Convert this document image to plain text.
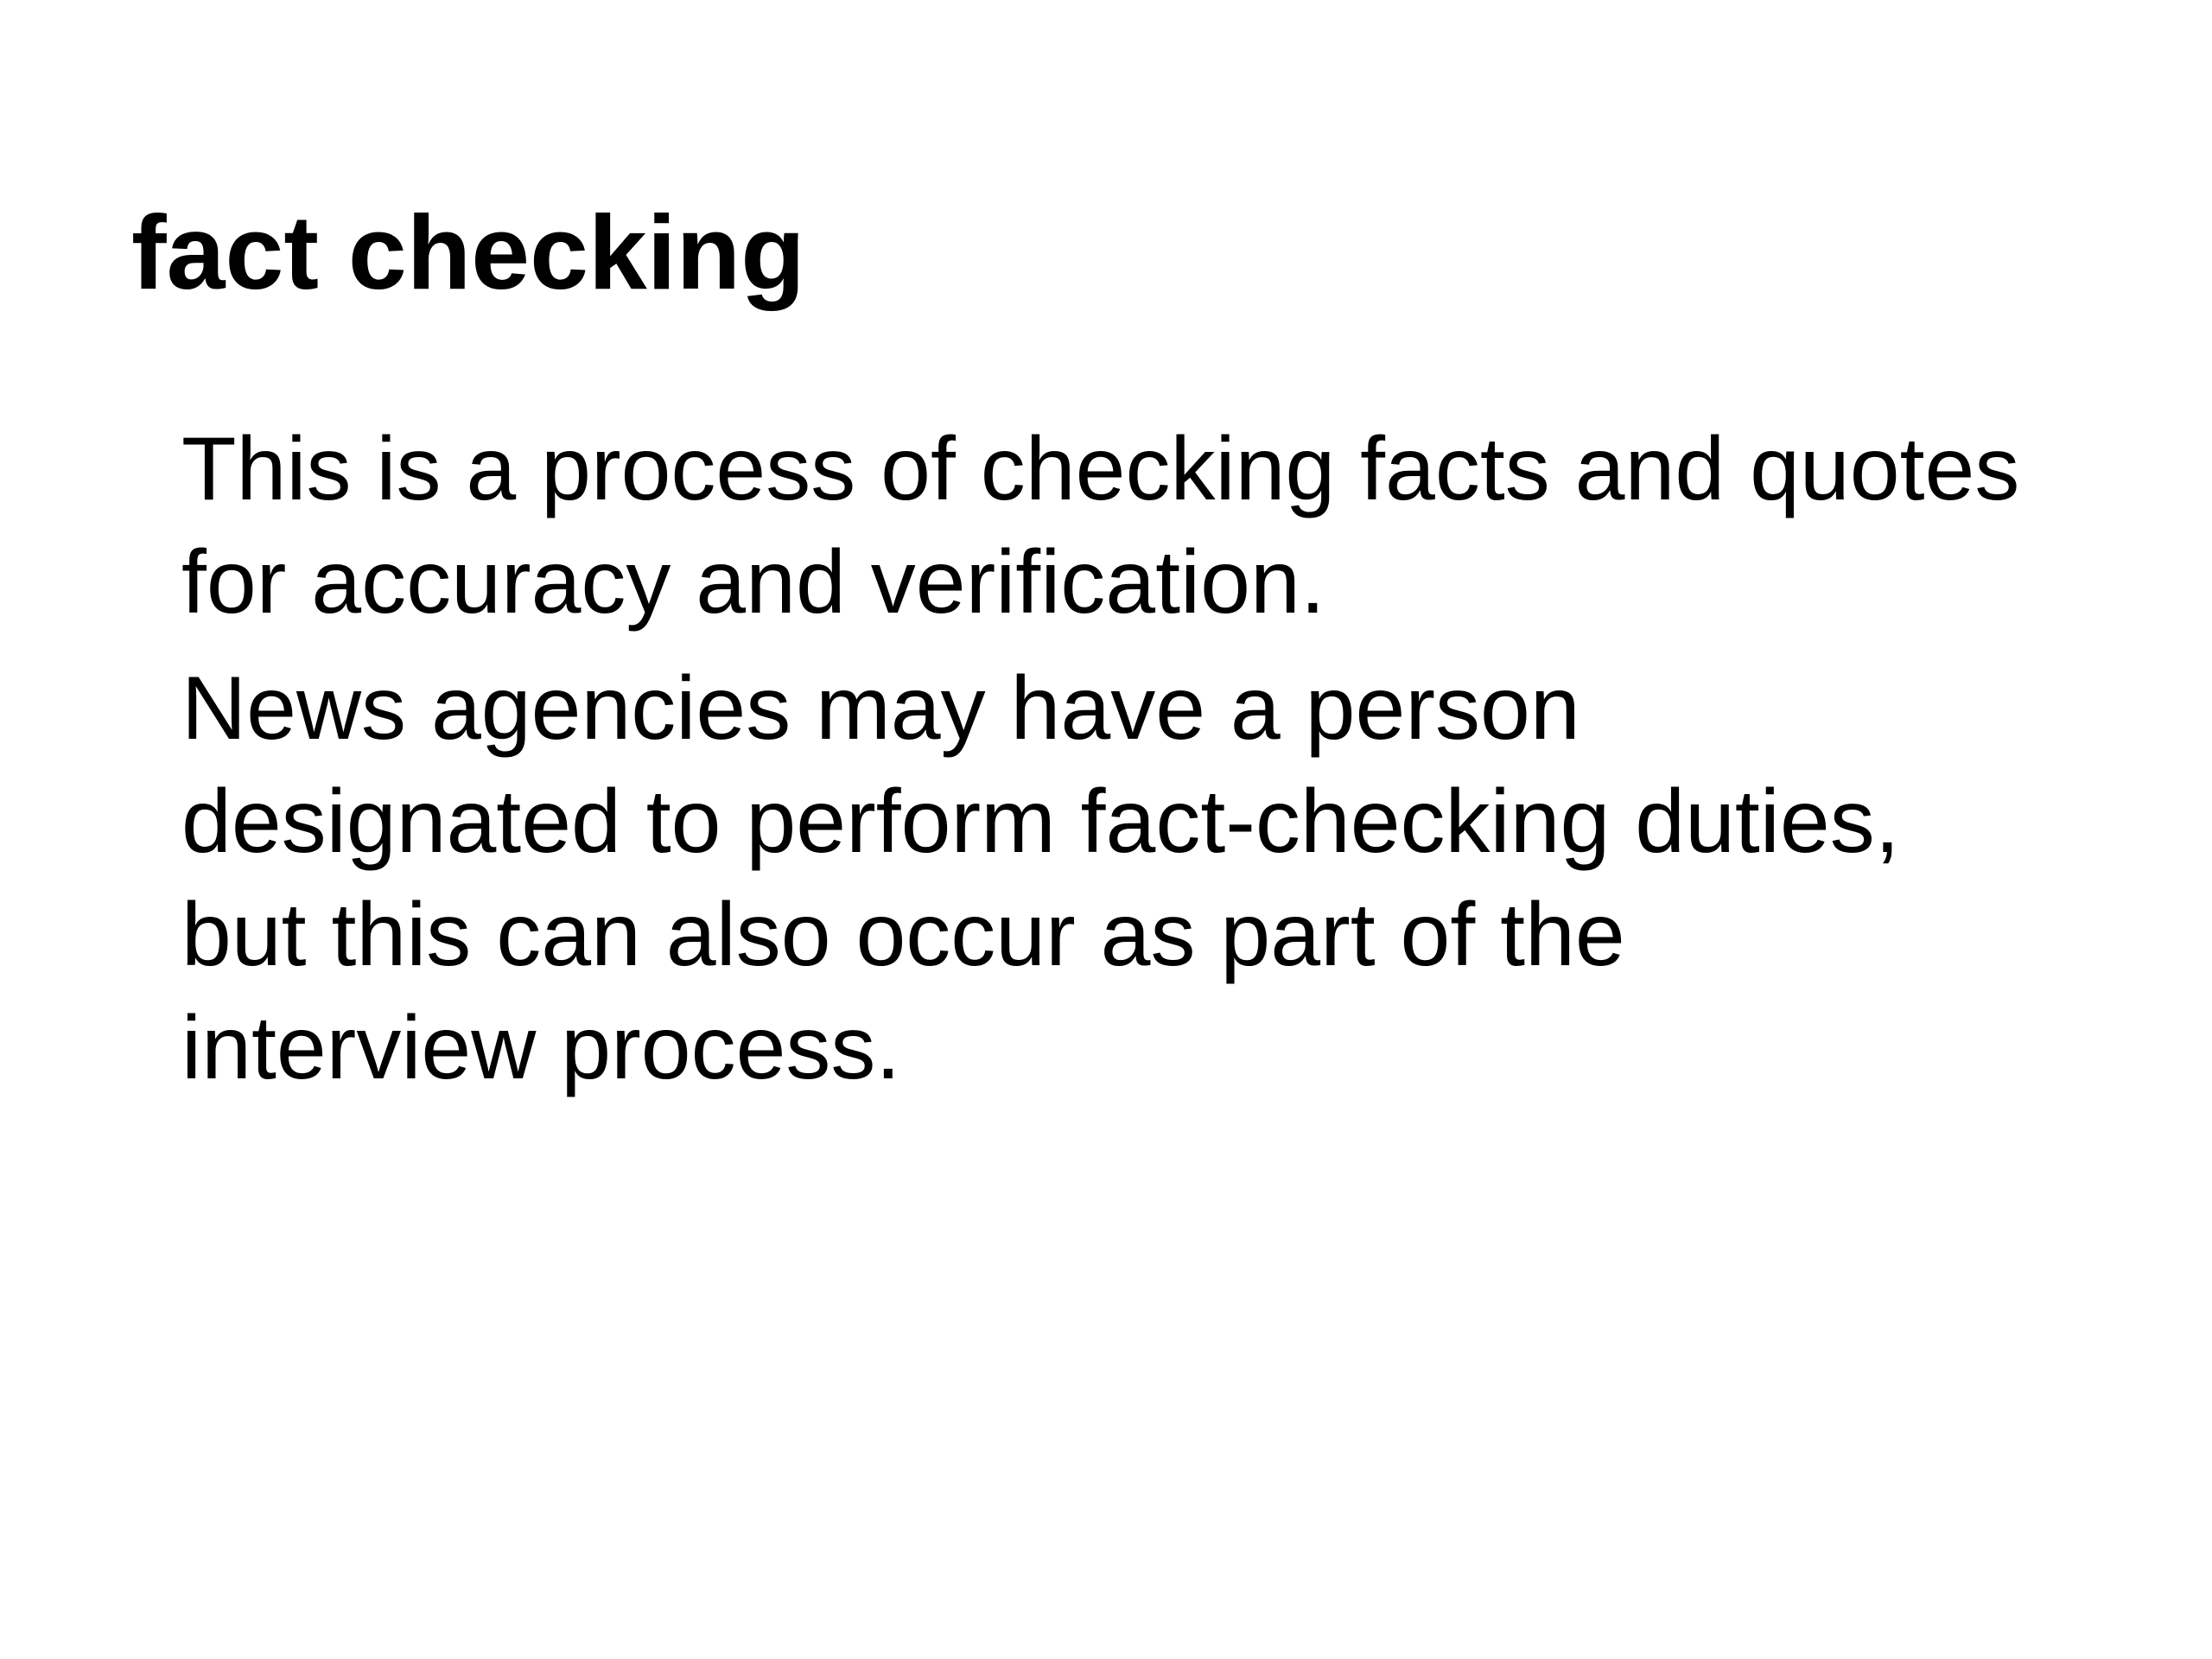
fact checking

This is a process of checking facts and quotes
for accuracy and verification.

News agencies may have a person
designated to perform fact-checking duties,
but this can also occur as part of the
interview process.
